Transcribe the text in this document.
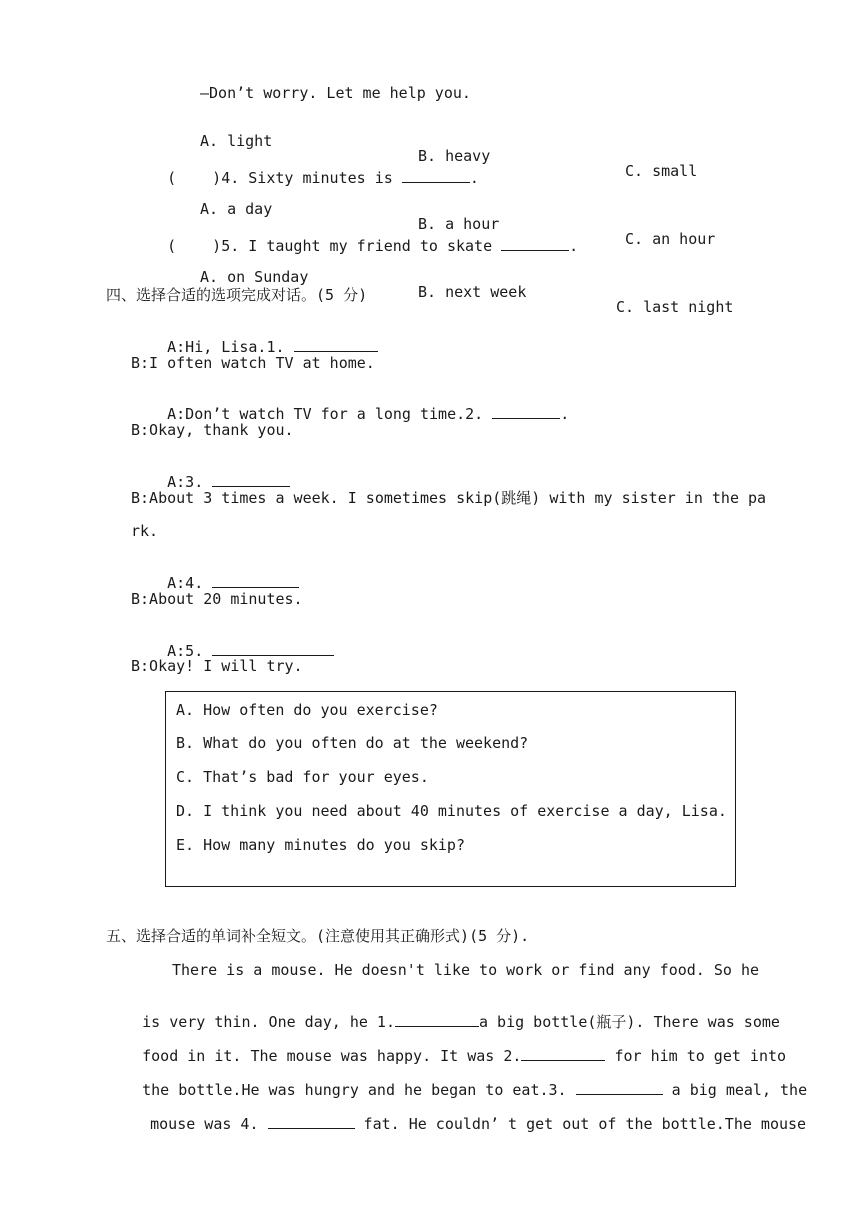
—Don’t worry. Let me help you.

A. light

B. heavy

C. small

( )4. Sixty minutes is	.

A. a day

B. a hour

C. an hour

( )5. I taught my friend to skate	.

A. on Sunday

B. next week

C. last night

四、选择合适的选项完成对话。(5 分)

A:Hi, Lisa.1.

B:I often watch TV at home.

A:Don’t watch TV for a long time.2.	.

B:Okay, thank you.

A:3.

B:About 3 times a week. I sometimes skip(跳绳) with my sister in the pa
rk.

A:4.

B:About 20 minutes.

A:5.

B:Okay! I will try.
A. How often do you exercise?
B. What do you often do at the weekend?
C. That’s bad for your eyes.
D. I think you need about 40 minutes of exercise a day, Lisa.
E. How many minutes do you skip?
五、选择合适的单词补全短文。(注意使用其正确形式)(5 分).
There is a mouse. He doesn't like to work or find any food. So he

is very thin. One day, he 1.	a big bottle(瓶子). There was some

food in it. The mouse was happy. It was 2.	for him to get into

the bottle.He was hungry and he began to eat.3.	a big meal, the

mouse was 4.	fat. He couldn’ t get out of the bottle.The mouse
